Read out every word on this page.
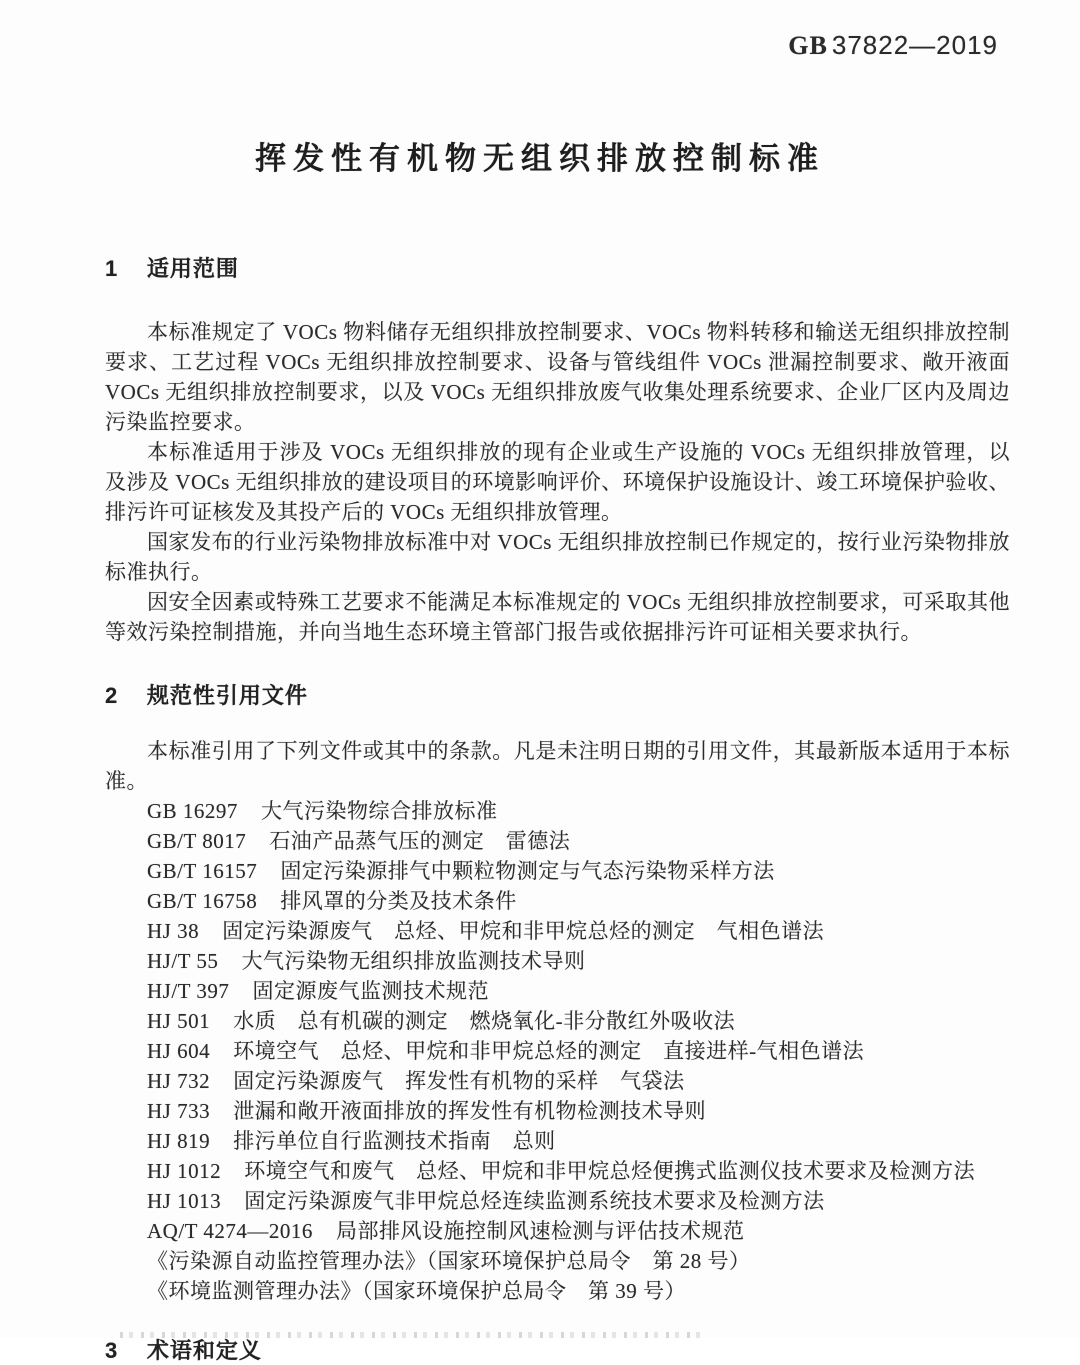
GB 37822—2019
挥发性有机物无组织排放控制标准
1 适用范围

本标准规定了 VOCs 物料储存无组织排放控制要求、VOCs 物料转移和输送无组织排放控制要求、工艺过程 VOCs 无组织排放控制要求、设备与管线组件 VOCs 泄漏控制要求、敞开液面 VOCs 无组织排放控制要求，以及 VOCs 无组织排放废气收集处理系统要求、企业厂区内及周边污染监控要求。

本标准适用于涉及 VOCs 无组织排放的现有企业或生产设施的 VOCs 无组织排放管理，以及涉及 VOCs 无组织排放的建设项目的环境影响评价、环境保护设施设计、竣工环境保护验收、排污许可证核发及其投产后的 VOCs 无组织排放管理。

国家发布的行业污染物排放标准中对 VOCs 无组织排放控制已作规定的，按行业污染物排放标准执行。

因安全因素或特殊工艺要求不能满足本标准规定的 VOCs 无组织排放控制要求，可采取其他等效污染控制措施，并向当地生态环境主管部门报告或依据排污许可证相关要求执行。

2 规范性引用文件

本标准引用了下列文件或其中的条款。凡是未注明日期的引用文件，其最新版本适用于本标准。

GB 16297 大气污染物综合排放标准
GB/T 8017 石油产品蒸气压的测定　雷德法
GB/T 16157 固定污染源排气中颗粒物测定与气态污染物采样方法
GB/T 16758 排风罩的分类及技术条件
HJ 38 固定污染源废气　总烃、甲烷和非甲烷总烃的测定　气相色谱法
HJ/T 55 大气污染物无组织排放监测技术导则
HJ/T 397 固定源废气监测技术规范
HJ 501 水质　总有机碳的测定　燃烧氧化-非分散红外吸收法
HJ 604 环境空气　总烃、甲烷和非甲烷总烃的测定　直接进样-气相色谱法
HJ 732 固定污染源废气　挥发性有机物的采样　气袋法
HJ 733 泄漏和敞开液面排放的挥发性有机物检测技术导则
HJ 819 排污单位自行监测技术指南　总则
HJ 1012 环境空气和废气　总烃、甲烷和非甲烷总烃便携式监测仪技术要求及检测方法
HJ 1013 固定污染源废气非甲烷总烃连续监测系统技术要求及检测方法
AQ/T 4274—2016 局部排风设施控制风速检测与评估技术规范
《污染源自动监控管理办法》（国家环境保护总局令　第 28 号）
《环境监测管理办法》（国家环境保护总局令　第 39 号）
3 术语和定义
